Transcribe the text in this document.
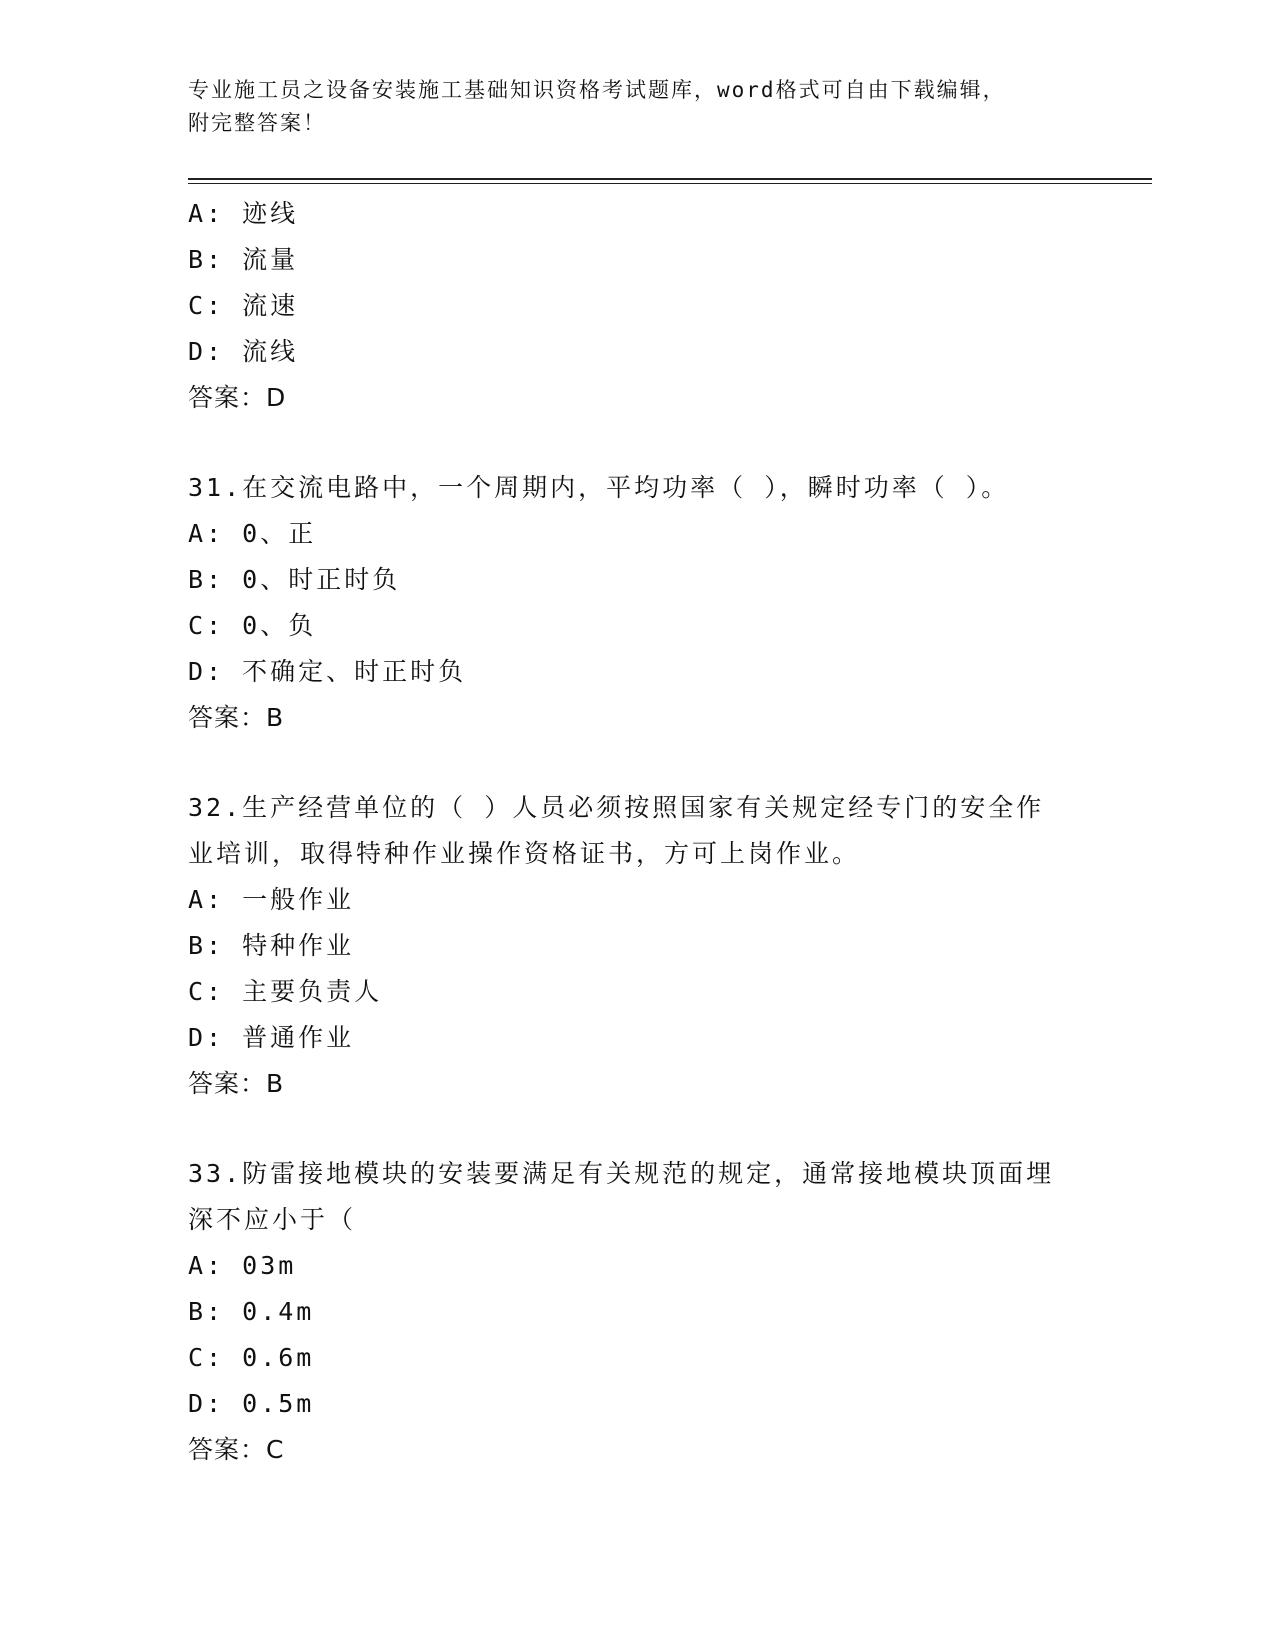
专业施工员之设备安装施工基础知识资格考试题库，word格式可自由下载编辑，
附完整答案！
A: 迹线
B: 流量
C: 流速
D: 流线
答案：D
31.在交流电路中，一个周期内，平均功率（ ），瞬时功率（ ）。
A: 0、正
B: 0、时正时负
C: 0、负
D: 不确定、时正时负
答案：B
32.生产经营单位的（ ）人员必须按照国家有关规定经专门的安全作
业培训，取得特种作业操作资格证书，方可上岗作业。
A: 一般作业
B: 特种作业
C: 主要负责人
D: 普通作业
答案：B
33.防雷接地模块的安装要满足有关规范的规定，通常接地模块顶面埋
深不应小于（
A: 03m
B: 0.4m
C: 0.6m
D: 0.5m
答案：C
